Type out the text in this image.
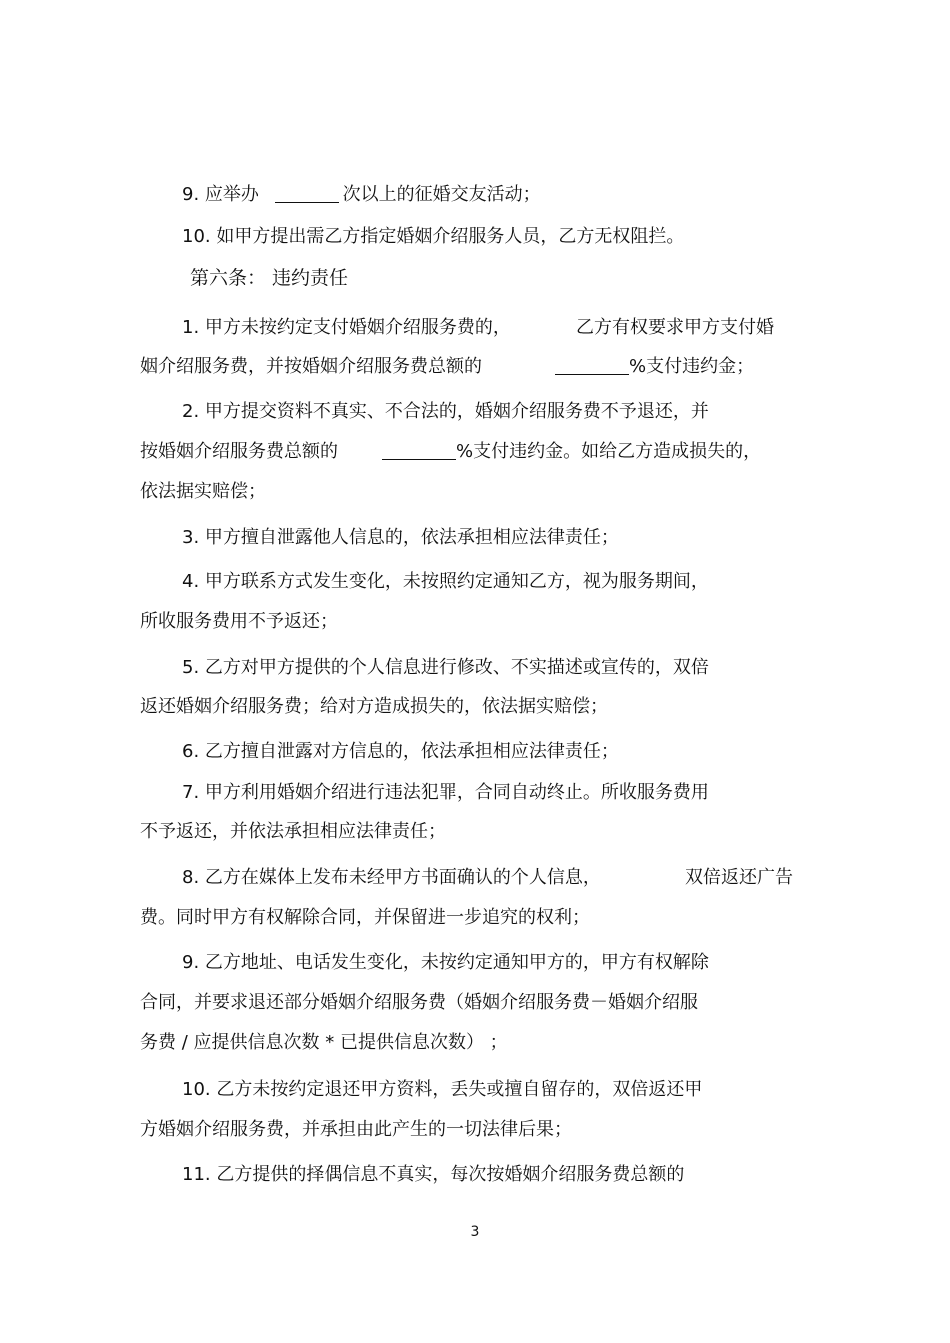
9. 应举办	次以上的征婚交友活动；
10. 如甲方提出需乙方指定婚姻介绍服务人员，乙方无权阻拦。
第六条： 违约责任
1. 甲方未按约定支付婚姻介绍服务费的，	乙方有权要求甲方支付婚
姻介绍服务费，并按婚姻介绍服务费总额的	%支付违约金；
2. 甲方提交资料不真实、不合法的，婚姻介绍服务费不予退还，并
按婚姻介绍服务费总额的	%支付违约金。如给乙方造成损失的，
依法据实赔偿；
3. 甲方擅自泄露他人信息的，依法承担相应法律责任；
4. 甲方联系方式发生变化，未按照约定通知乙方，视为服务期间，
所收服务费用不予返还；
5. 乙方对甲方提供的个人信息进行修改、不实描述或宣传的，双倍
返还婚姻介绍服务费；给对方造成损失的，依法据实赔偿；
6. 乙方擅自泄露对方信息的，依法承担相应法律责任；
7. 甲方利用婚姻介绍进行违法犯罪，合同自动终止。所收服务费用
不予返还，并依法承担相应法律责任；
8. 乙方在媒体上发布未经甲方书面确认的个人信息，	双倍返还广告
费。同时甲方有权解除合同，并保留进一步追究的权利；
9. 乙方地址、电话发生变化，未按约定通知甲方的，甲方有权解除
合同，并要求退还部分婚姻介绍服务费（婚姻介绍服务费－婚姻介绍服
务费 / 应提供信息次数 * 已提供信息次数） ；
10. 乙方未按约定退还甲方资料，丢失或擅自留存的，双倍返还甲
方婚姻介绍服务费，并承担由此产生的一切法律后果；
11. 乙方提供的择偶信息不真实，每次按婚姻介绍服务费总额的
3
